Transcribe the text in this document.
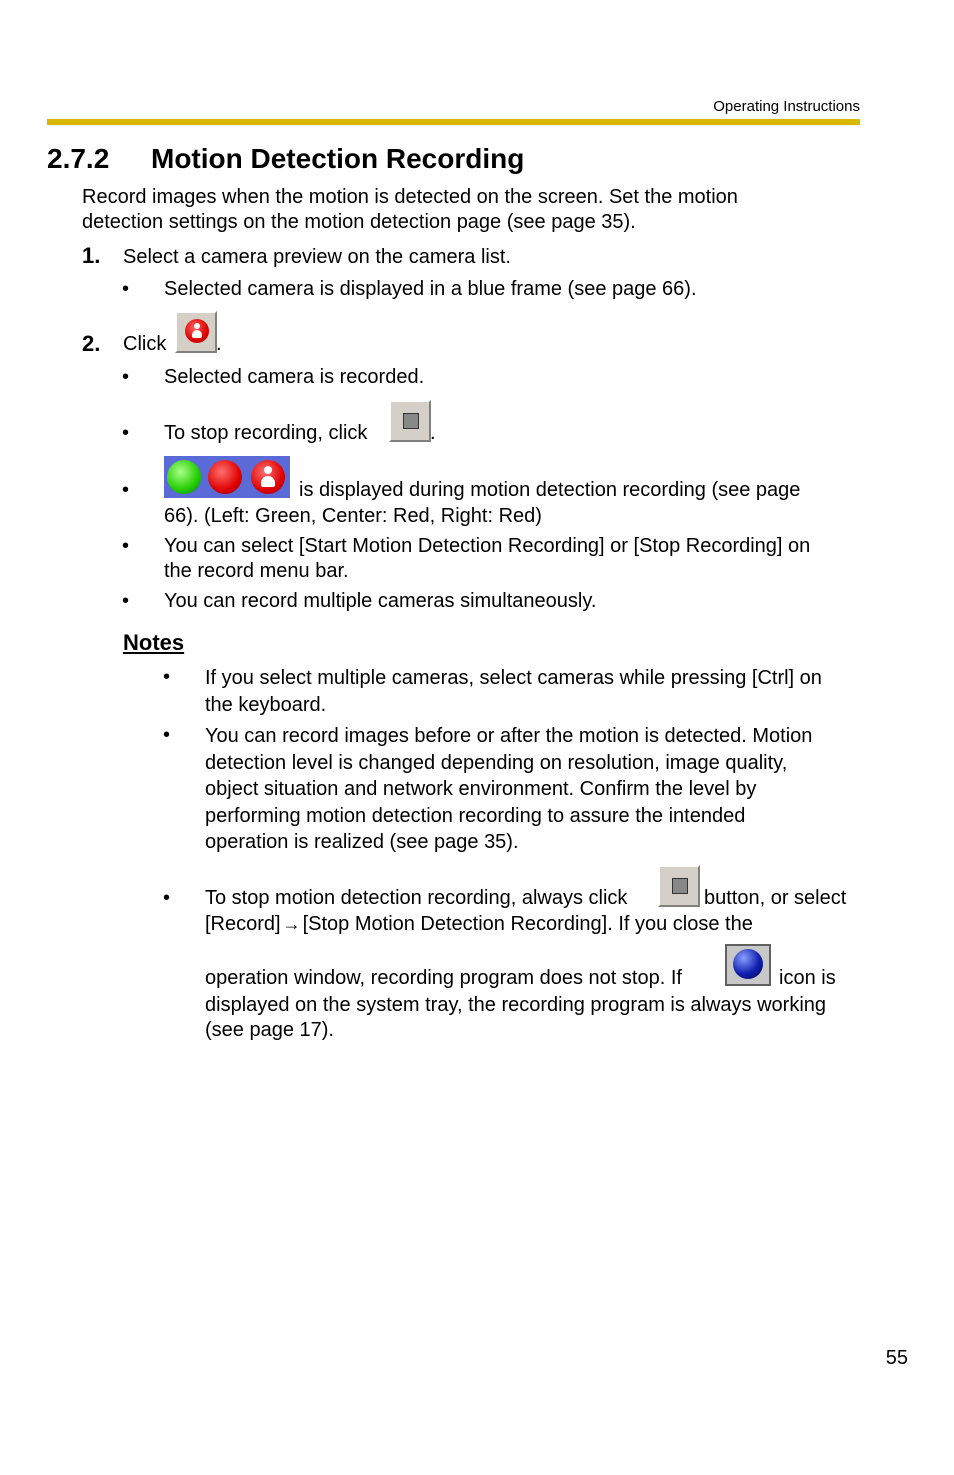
Operating Instructions
2.7.2 Motion Detection Recording
Record images when the motion is detected on the screen. Set the motion
detection settings on the motion detection page (see page 35).
1. Select a camera preview on the camera list.
•	Selected camera is displayed in a blue frame (see page 66).
2. Click .
•	Selected camera is recorded.
•	To stop recording, click	.
•	is displayed during motion detection recording (see page
66). (Left: Green, Center: Red, Right: Red)
•	You can select [Start Motion Detection Recording] or [Stop Recording] on
the record menu bar.
•	You can record multiple cameras simultaneously.
Notes
•	If you select multiple cameras, select cameras while pressing [Ctrl] on
the keyboard.
•	You can record images before or after the motion is detected. Motion
detection level is changed depending on resolution, image quality,
object situation and network environment. Confirm the level by
performing motion detection recording to assure the intended
operation is realized (see page 35).
•	To stop motion detection recording, always click	button, or select
[Record] → [Stop Motion Detection Recording]. If you close the
operation window, recording program does not stop. If	icon is
displayed on the system tray, the recording program is always working
(see page 17).
55
